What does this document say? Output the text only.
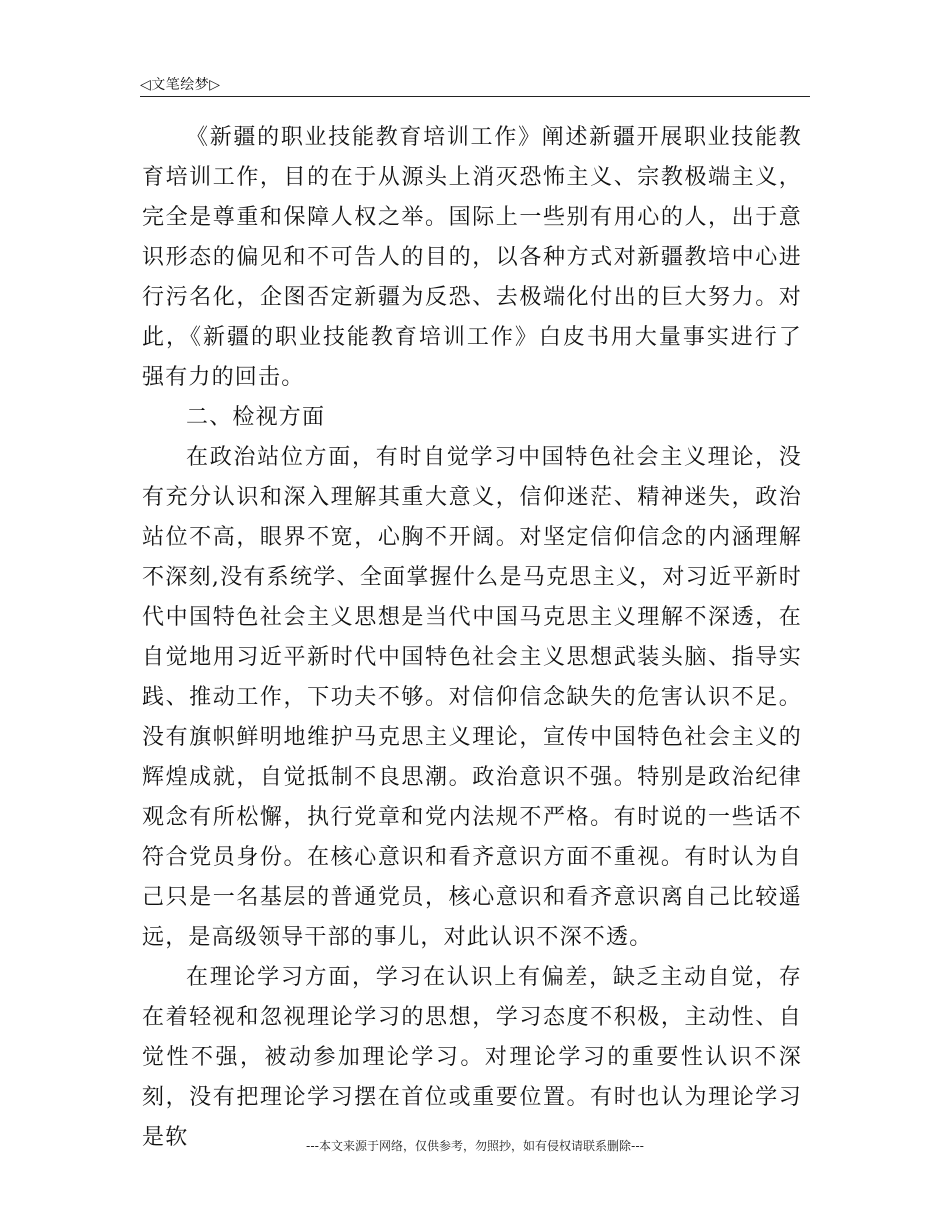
◁文笔绘梦▷

《新疆的职业技能教育培训工作》阐述新疆开展职业技能教育培训工作，目的在于从源头上消灭恐怖主义、宗教极端主义，完全是尊重和保障人权之举。国际上一些别有用心的人，出于意识形态的偏见和不可告人的目的，以各种方式对新疆教培中心进行污名化，企图否定新疆为反恐、去极端化付出的巨大努力。对此，《新疆的职业技能教育培训工作》白皮书用大量事实进行了强有力的回击。

二、检视方面

在政治站位方面，有时自觉学习中国特色社会主义理论，没有充分认识和深入理解其重大意义，信仰迷茫、精神迷失，政治站位不高，眼界不宽，心胸不开阔。对坚定信仰信念的内涵理解不深刻,没有系统学、全面掌握什么是马克思主义，对习近平新时代中国特色社会主义思想是当代中国马克思主义理解不深透，在自觉地用习近平新时代中国特色社会主义思想武装头脑、指导实践、推动工作，下功夫不够。对信仰信念缺失的危害认识不足。没有旗帜鲜明地维护马克思主义理论，宣传中国特色社会主义的辉煌成就，自觉抵制不良思潮。政治意识不强。特别是政治纪律观念有所松懈，执行党章和党内法规不严格。有时说的一些话不符合党员身份。在核心意识和看齐意识方面不重视。有时认为自己只是一名基层的普通党员，核心意识和看齐意识离自己比较遥远，是高级领导干部的事儿，对此认识不深不透。

在理论学习方面，学习在认识上有偏差，缺乏主动自觉，存在着轻视和忽视理论学习的思想，学习态度不积极，主动性、自觉性不强，被动参加理论学习。对理论学习的重要性认识不深刻，没有把理论学习摆在首位或重要位置。有时也认为理论学习是软	---本文来源于网络，仅供参考，勿照抄，如有侵权请联系删除---
